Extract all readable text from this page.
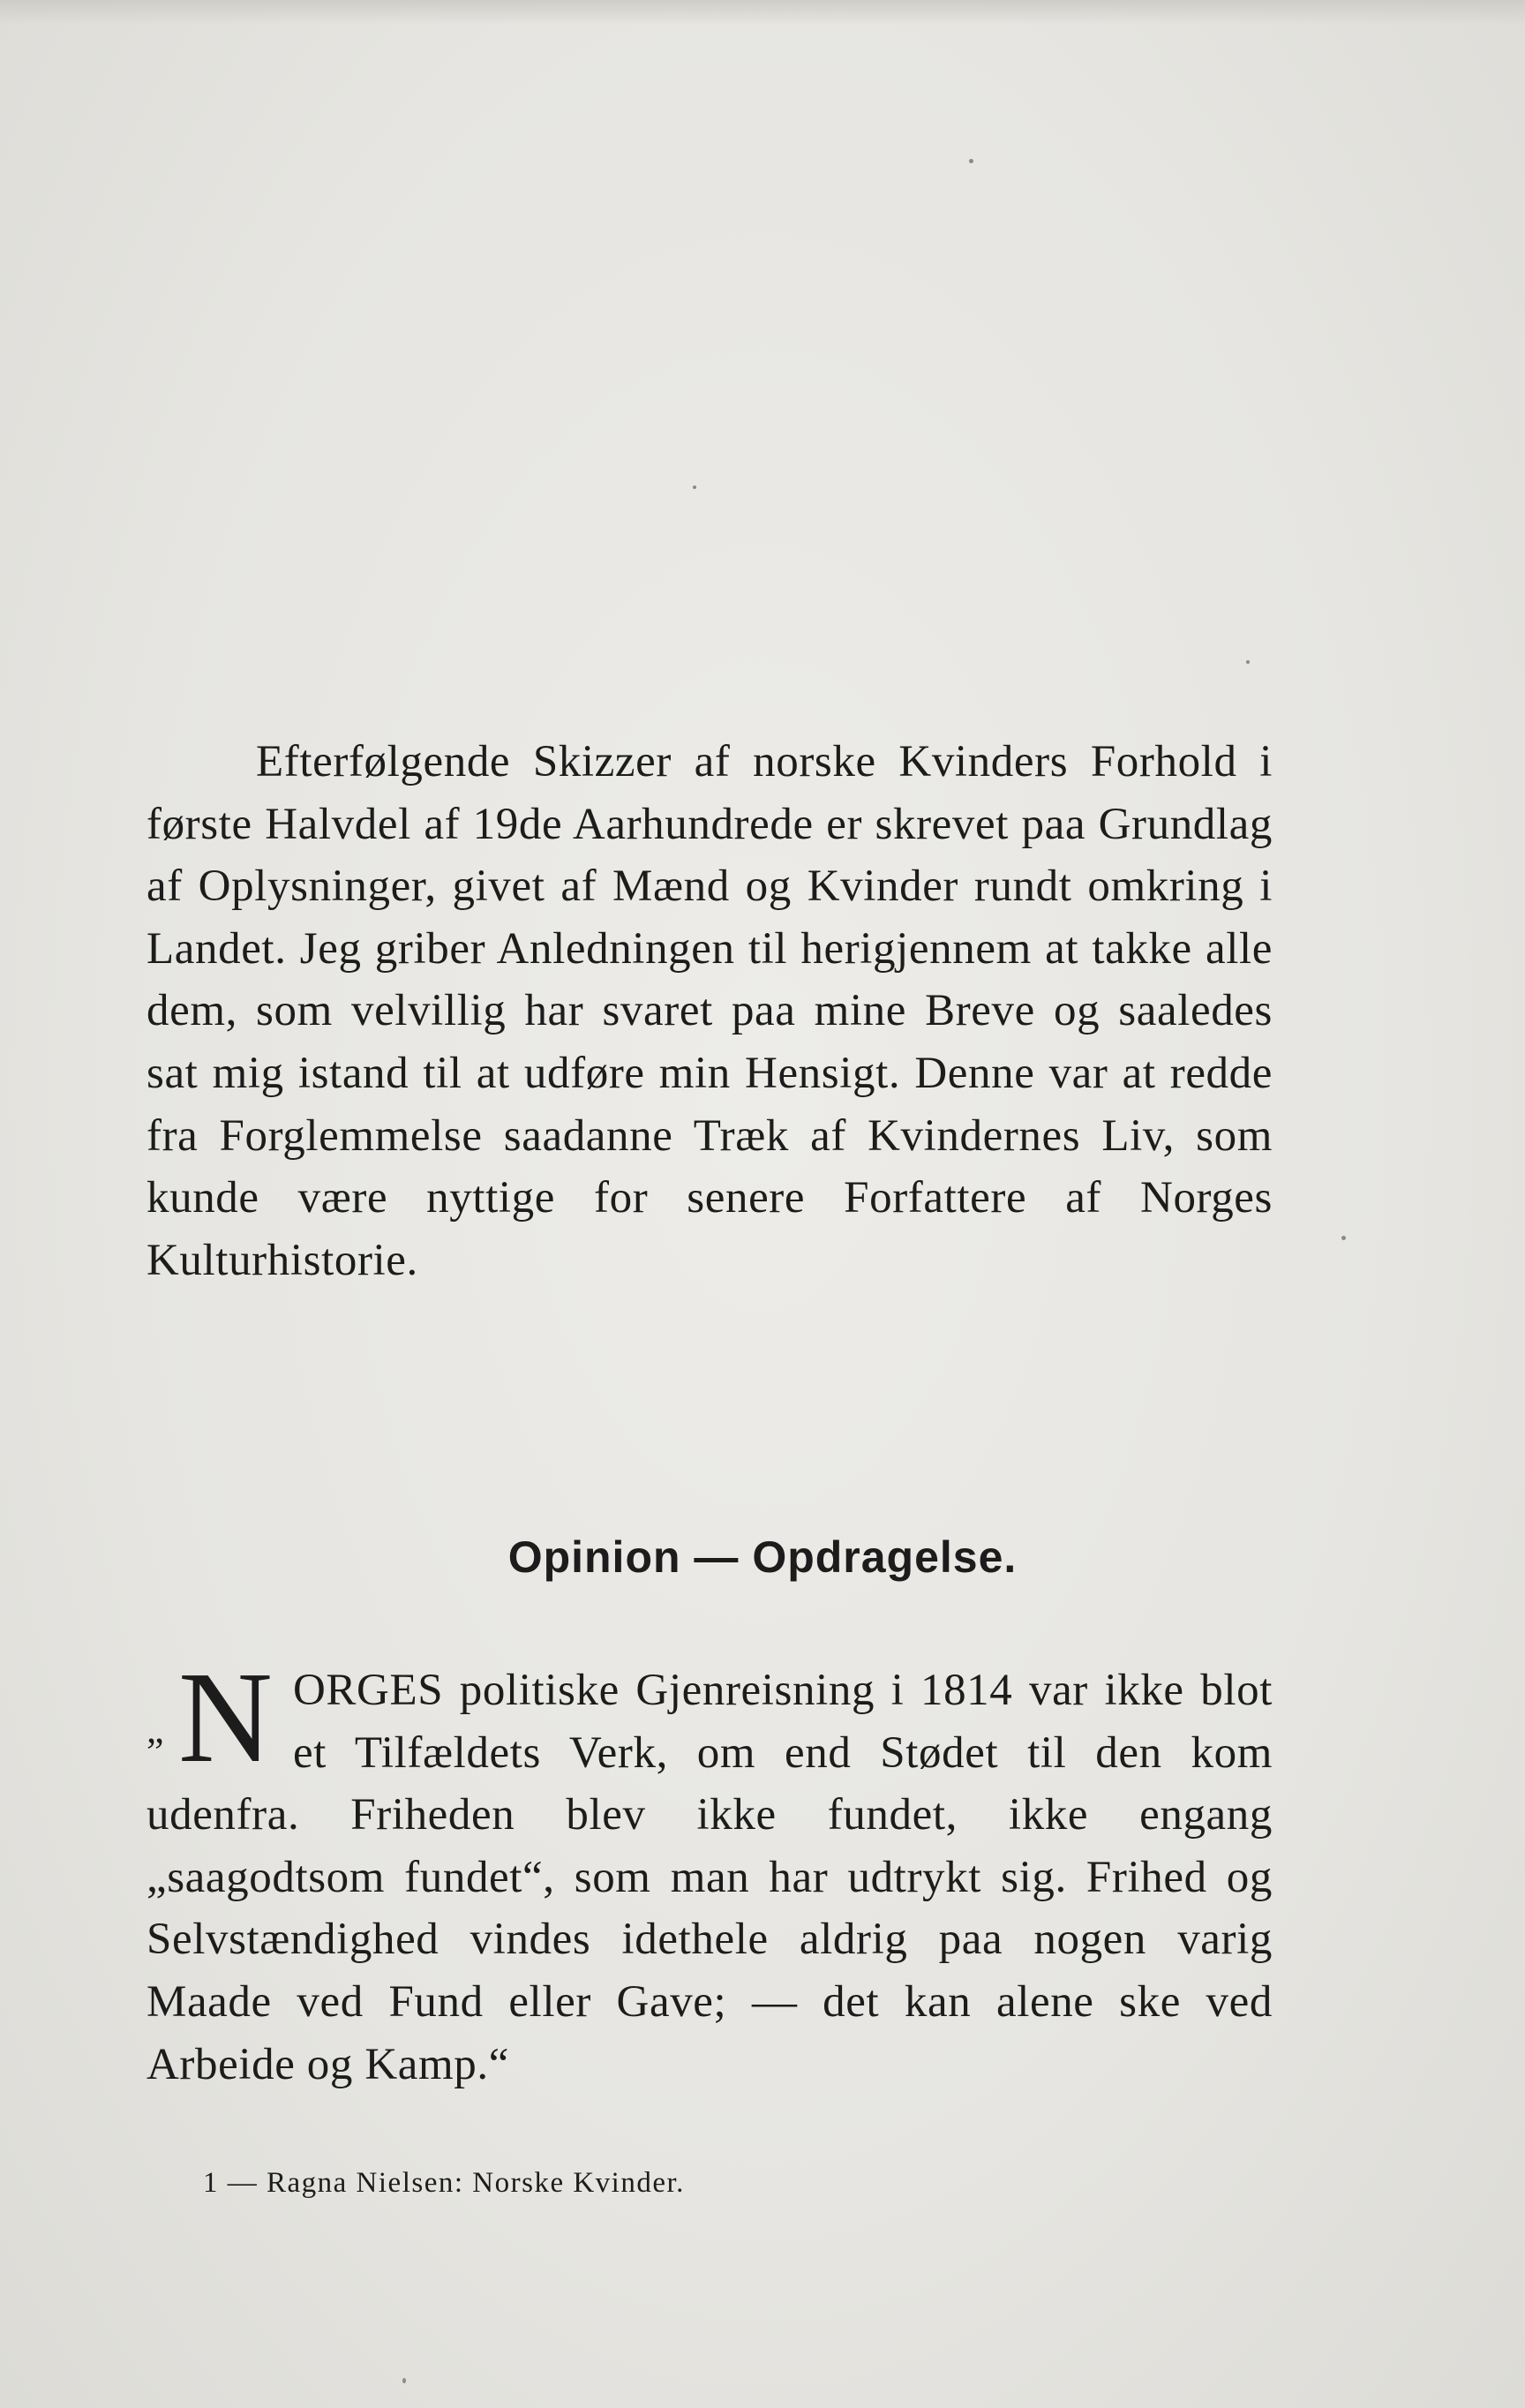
Efterfølgende Skizzer af norske Kvinders Forhold i første Halvdel af 19de Aarhundrede er skrevet paa Grundlag af Oplysninger, givet af Mænd og Kvinder rundt omkring i Landet. Jeg griber Anledningen til herigjennem at takke alle dem, som velvillig har svaret paa mine Breve og saaledes sat mig istand til at udføre min Hensigt. Denne var at redde fra Forglemmelse saadanne Træk af Kvindernes Liv, som kunde være nyttige for senere Forfattere af Norges Kulturhistorie.

Opinion — Opdragelse.

„ N ORGES politiske Gjenreisning i 1814 var ikke blot et Tilfældets Verk, om end Stødet til den kom udenfra. Friheden blev ikke fundet, ikke engang „saagodtsom fundet“, som man har udtrykt sig. Frihed og Selvstændighed vindes idethele aldrig paa nogen varig Maade ved Fund eller Gave; — det kan alene ske ved Arbeide og Kamp.“

1 — Ragna Nielsen: Norske Kvinder.
